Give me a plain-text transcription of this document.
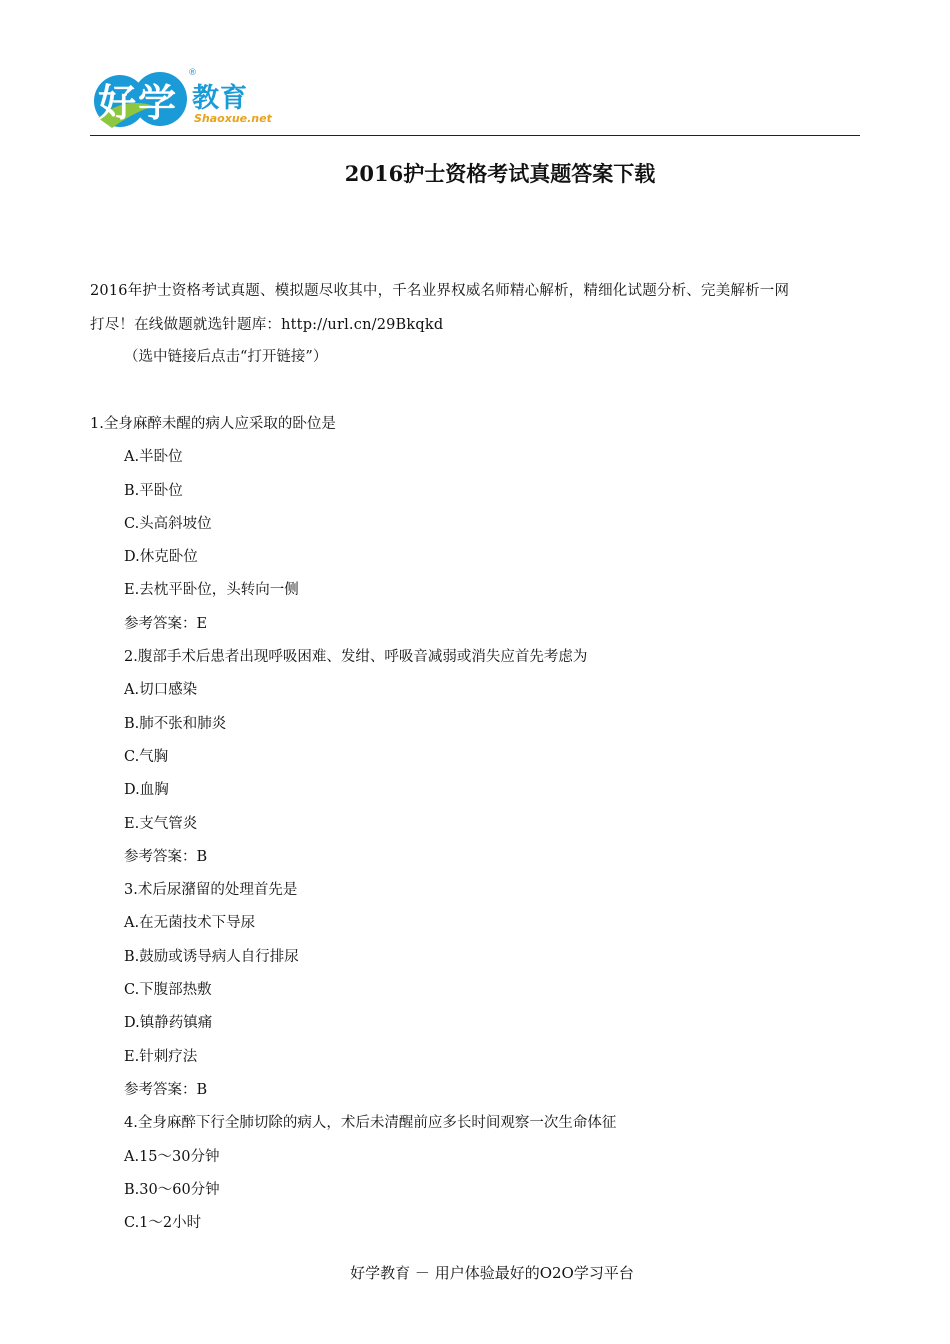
好学
®
教育
Shaoxue.net
2016护士资格考试真题答案下载
2016年护士资格考试真题、模拟题尽收其中，千名业界权威名师精心解析，精细化试题分析、完美解析一网
打尽！在线做题就选针题库：http://url.cn/29Bkqkd
（选中链接后点击“打开链接”）
1.全身麻醉未醒的病人应采取的卧位是
A.半卧位
B.平卧位
C.头高斜坡位
D.休克卧位
E.去枕平卧位，头转向一侧
参考答案：E
2.腹部手术后患者出现呼吸困难、发绀、呼吸音减弱或消失应首先考虑为
A.切口感染
B.肺不张和肺炎
C.气胸
D.血胸
E.支气管炎
参考答案：B
3.术后尿潴留的处理首先是
A.在无菌技术下导尿
B.鼓励或诱导病人自行排尿
C.下腹部热敷
D.镇静药镇痛
E.针刺疗法
参考答案：B
4.全身麻醉下行全肺切除的病人，术后未清醒前应多长时间观察一次生命体征
A.15～30分钟
B.30～60分钟
C.1～2小时
好学教育 － 用户体验最好的O2O学习平台
